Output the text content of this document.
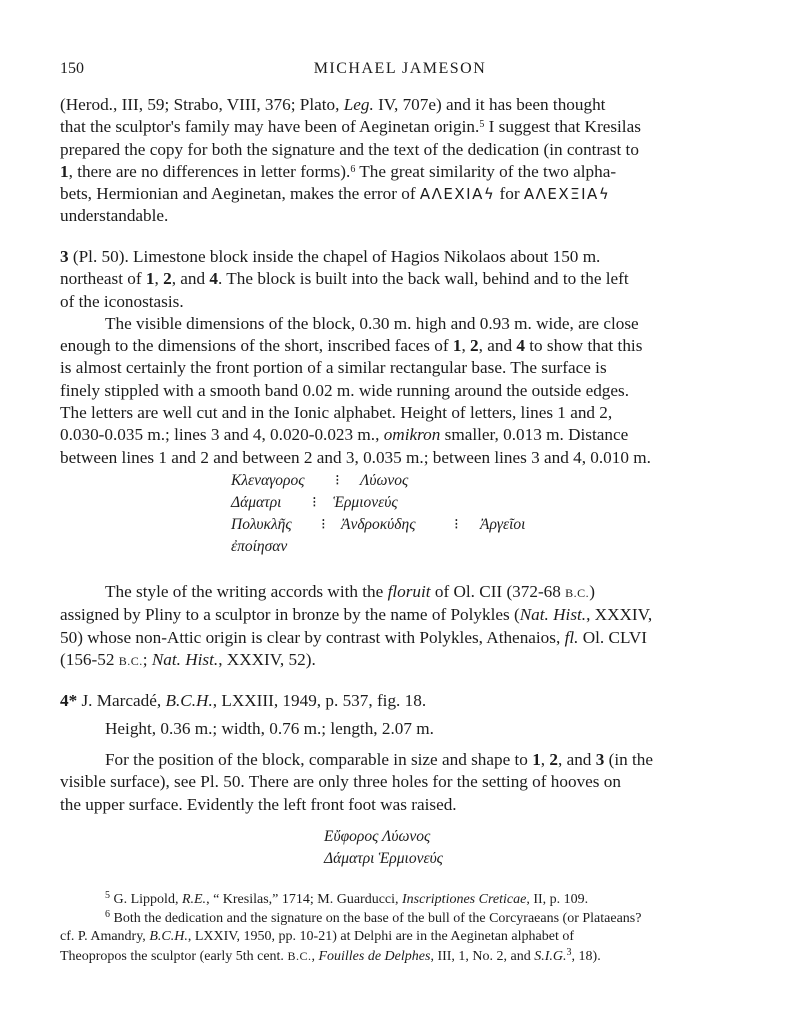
150	MICHAEL JAMESON

(Herod., III, 59; Strabo, VIII, 376; Plato, Leg. IV, 707e) and it has been thought

that the sculptor's family may have been of Aeginetan origin.$^5$ I suggest that Kresilas

prepared the copy for both the signature and the text of the dedication (in contrast to

1, there are no differences in letter forms).$^6$ The great similarity of the two alpha-

bets, Hermionian and Aeginetan, makes the error of ΑΛΕΧΙΑϟ for ΑΛΕΧΞΙΑϟ

understandable.

3 (Pl. 50). Limestone block inside the chapel of Hagios Nikolaos about 150 m.

northeast of 1, 2, and 4. The block is built into the back wall, behind and to the left

of the iconostasis.

The visible dimensions of the block, 0.30 m. high and 0.93 m. wide, are close

enough to the dimensions of the short, inscribed faces of 1, 2, and 4 to show that this

is almost certainly the front portion of a similar rectangular base. The surface is

finely stippled with a smooth band 0.02 m. wide running around the outside edges.

The letters are well cut and in the Ionic alphabet. Height of letters, lines 1 and 2,

0.030-0.035 m.; lines 3 and 4, 0.020-0.023 m., omikron smaller, 0.013 m. Distance

between lines 1 and 2 and between 2 and 3, 0.035 m.; between lines 3 and 4, 0.010 m.

Κλεναγορος ⁝ Λύωνος
Δάματρι ⁝ Ἑρμιονεύς
Πολυκλῆς ⁝ Ἀνδροκύδης	⁝ Ἀργεῖοι
ἐποίησαν

The style of the writing accords with the floruit of Ol. CII (372-68 B.C.)

assigned by Pliny to a sculptor in bronze by the name of Polykles (Nat. Hist., XXXIV,

50) whose non-Attic origin is clear by contrast with Polykles, Athenaios, fl. Ol. CLVI

(156-52 B.C.; Nat. Hist., XXXIV, 52).

4* J. Marcadé, B.C.H., LXXIII, 1949, p. 537, fig. 18.

Height, 0.36 m.; width, 0.76 m.; length, 2.07 m.

For the position of the block, comparable in size and shape to 1, 2, and 3 (in the

visible surface), see Pl. 50. There are only three holes for the setting of hooves on

the upper surface. Evidently the left front foot was raised.

Εὔφορος Λύωνος
Δάματρι Ἑρμιονεύς

$^5$ G. Lippold, R.E., “ Kresilas,” 1714; M. Guarducci, Inscriptiones Creticae, II, p. 109.

$^6$ Both the dedication and the signature on the base of the bull of the Corcyraeans (or Plataeans?

cf. P. Amandry, B.C.H., LXXIV, 1950, pp. 10-21) at Delphi are in the Aeginetan alphabet of

Theopropos the sculptor (early 5th cent. B.C., Fouilles de Delphes, III, 1, No. 2, and S.I.G.$^3$, 18).
